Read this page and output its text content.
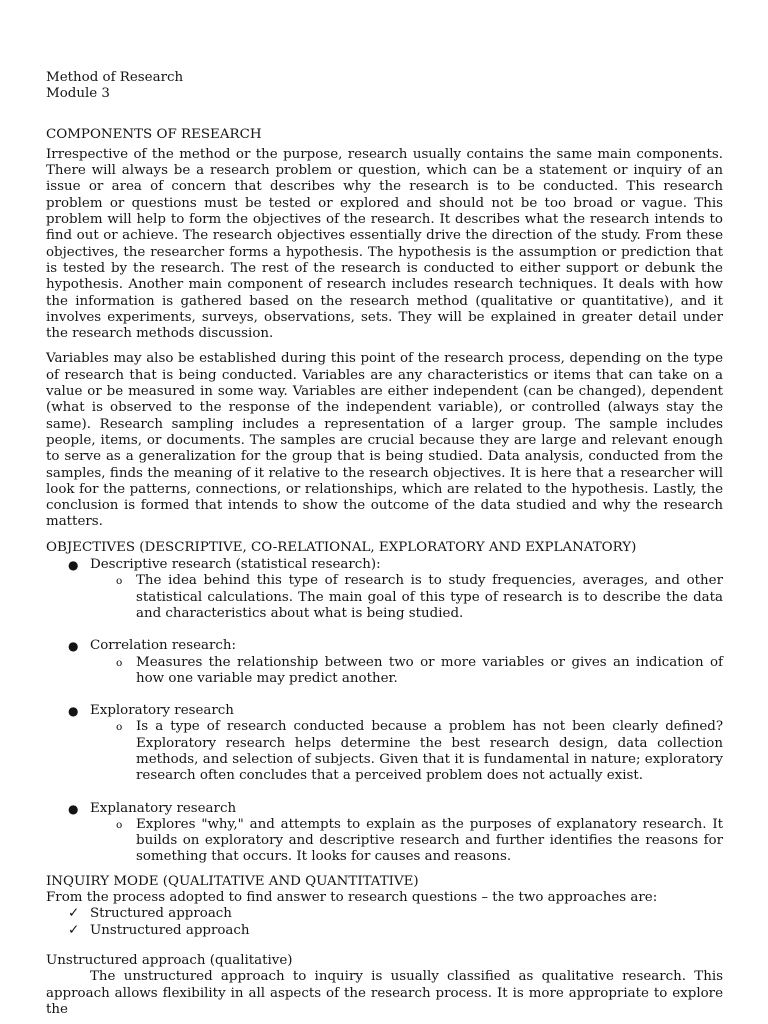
Method of Research

Module 3

COMPONENTS OF RESEARCH

Irrespective of the method or the purpose, research usually contains the same main components. There will always be a research problem or question, which can be a statement or inquiry of an issue or area of concern that describes why the research is to be conducted. This research problem or questions must be tested or explored and should not be too broad or vague. This problem will help to form the objectives of the research. It describes what the research intends to find out or achieve. The research objectives essentially drive the direction of the study. From these objectives, the researcher forms a hypothesis. The hypothesis is the assumption or prediction that is tested by the research. The rest of the research is conducted to either support or debunk the hypothesis. Another main component of research includes research techniques. It deals with how the information is gathered based on the research method (qualitative or quantitative), and it involves experiments, surveys, observations, sets. They will be explained in greater detail under the research methods discussion.

Variables may also be established during this point of the research process, depending on the type of research that is being conducted. Variables are any characteristics or items that can take on a value or be measured in some way. Variables are either independent (can be changed), dependent (what is observed to the response of the independent variable), or controlled (always stay the same). Research sampling includes a representation of a larger group. The sample includes people, items, or documents. The samples are crucial because they are large and relevant enough to serve as a generalization for the group that is being studied. Data analysis, conducted from the samples, finds the meaning of it relative to the research objectives. It is here that a researcher will look for the patterns, connections, or relationships, which are related to the hypothesis. Lastly, the conclusion is formed that intends to show the outcome of the data studied and why the research matters.

OBJECTIVES (DESCRIPTIVE, CO-RELATIONAL, EXPLORATORY AND EXPLANATORY)

● Descriptive research (statistical research):

o The idea behind this type of research is to study frequencies, averages, and other statistical calculations. The main goal of this type of research is to describe the data and characteristics about what is being studied.

● Correlation research:

o Measures the relationship between two or more variables or gives an indication of how one variable may predict another.

● Exploratory research

o Is a type of research conducted because a problem has not been clearly defined? Exploratory research helps determine the best research design, data collection methods, and selection of subjects. Given that it is fundamental in nature; exploratory research often concludes that a perceived problem does not actually exist.

● Explanatory research

o Explores "why," and attempts to explain as the purposes of explanatory research. It builds on exploratory and descriptive research and further identifies the reasons for something that occurs. It looks for causes and reasons.

INQUIRY MODE (QUALITATIVE AND QUANTITATIVE)

From the process adopted to find answer to research questions – the two approaches are:

✓ Structured approach

✓ Unstructured approach

Unstructured approach (qualitative)

The unstructured approach to inquiry is usually classified as qualitative research. This approach allows flexibility in all aspects of the research process. It is more appropriate to explore the
